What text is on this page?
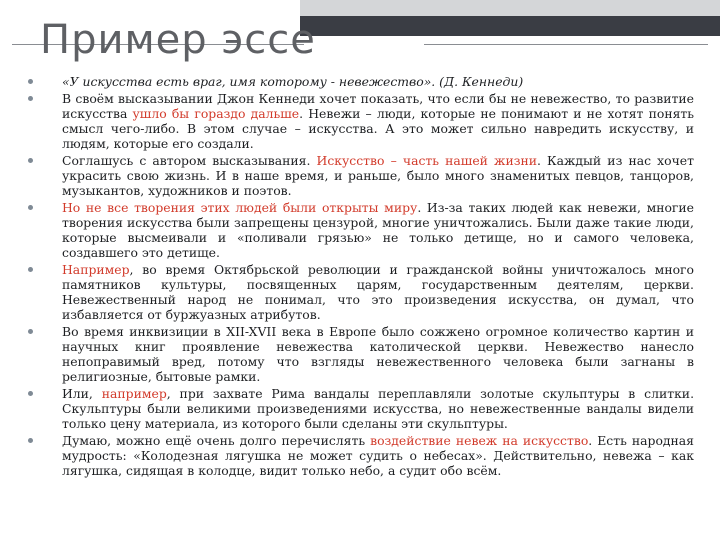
Пример эссе
«У искусства есть враг, имя которому - невежество». (Д. Кеннеди)
В своём высказывании Джон Кеннеди хочет показать, что если бы не невежество, то развитие искусства ушло бы гораздо дальше. Невежи – люди, которые не понимают и не хотят понять смысл чего-либо. В этом случае – искусства. А это может сильно навредить искусству, и людям, которые его создали.
Соглашусь с автором высказывания. Искусство – часть нашей жизни. Каждый из нас хочет украсить свою жизнь. И в наше время, и раньше, было много знаменитых певцов, танцоров, музыкантов, художников и поэтов.
Но не все творения этих людей были открыты миру. Из-за таких людей как невежи, многие творения искусства были запрещены цензурой, многие уничтожались. Были даже такие люди, которые высмеивали и «поливали грязью» не только детище, но и самого человека, создавшего это детище.
Например, во время Октябрьской революции и гражданской войны уничтожалось много памятников культуры, посвященных царям, государственным деятелям, церкви. Невежественный народ не понимал, что это произведения искусства, он думал, что избавляется от буржуазных атрибутов.
Во время инквизиции в XII-XVII века в Европе было сожжено огромное количество картин и научных книг проявление невежества католической церкви. Невежество нанесло непоправимый вред, потому что взгляды невежественного человека были загнаны в религиозные, бытовые рамки.
Или, например, при захвате Рима вандалы переплавляли золотые скульптуры в слитки. Скульптуры были великими произведениями искусства, но невежественные вандалы видели только цену материала, из которого были сделаны эти скульптуры.
Думаю, можно ещё очень долго перечислять воздействие невеж на искусство. Есть народная мудрость: «Колодезная лягушка не может судить о небесах». Действительно, невежа – как лягушка, сидящая в колодце, видит только небо, а судит обо всём.
